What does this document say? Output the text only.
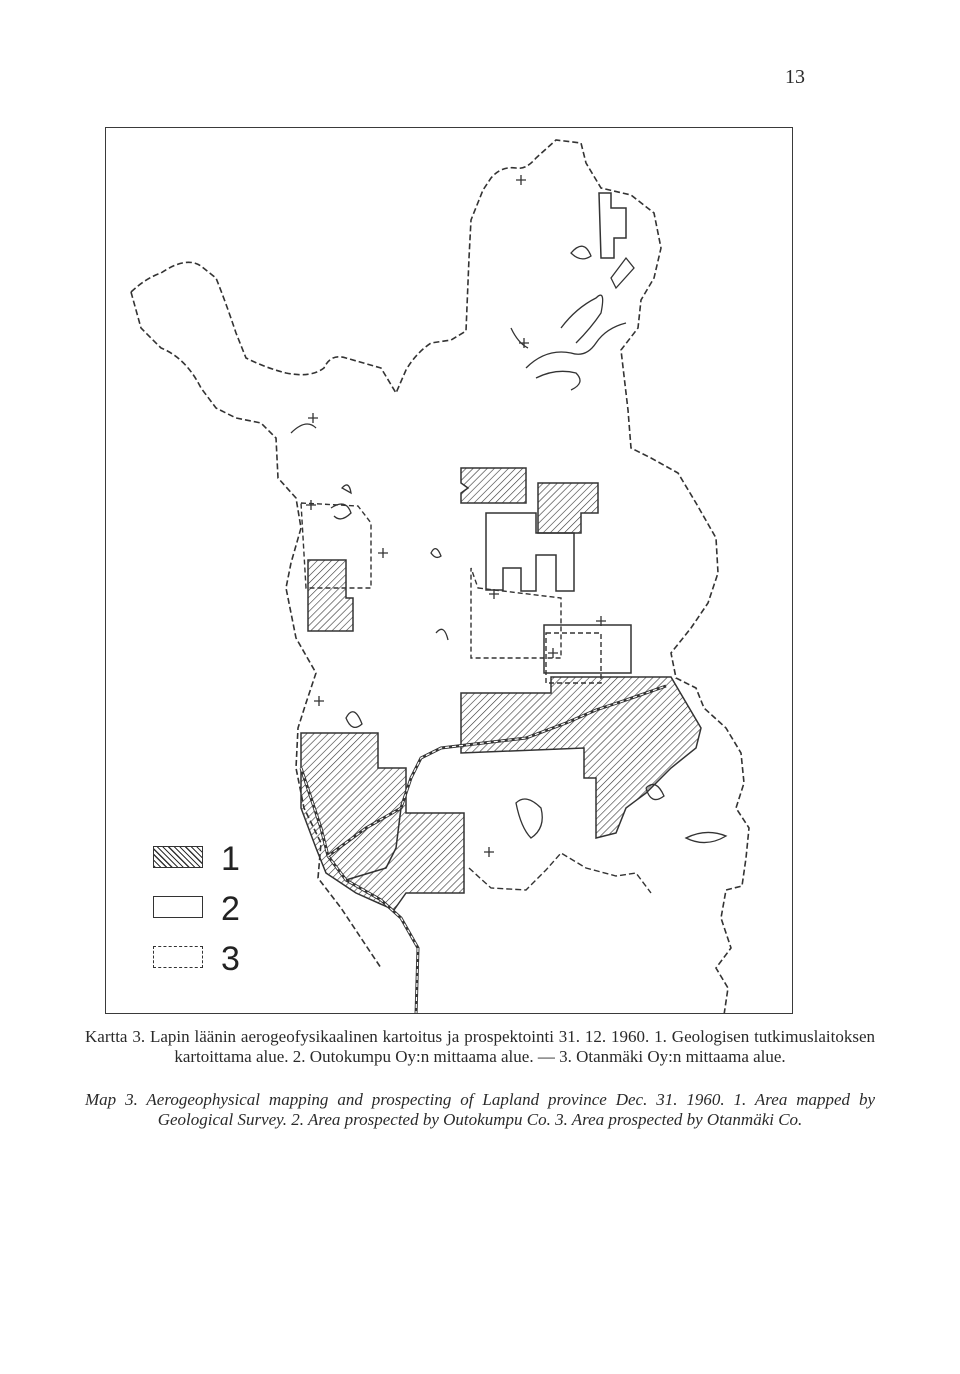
13
1
2
3
Kartta 3. Lapin läänin aerogeofysikaalinen kartoitus ja prospektointi 31. 12. 1960. 1. Geologisen tutkimuslaitoksen kartoittama alue. 2. Outokumpu Oy:n mittaama alue. — 3. Otanmäki Oy:n mittaama alue.
Map 3. Aerogeophysical mapping and prospecting of Lapland province Dec. 31. 1960. 1. Area mapped by Geological Survey. 2. Area prospected by Outokumpu Co. 3. Area prospected by Otanmäki Co.
